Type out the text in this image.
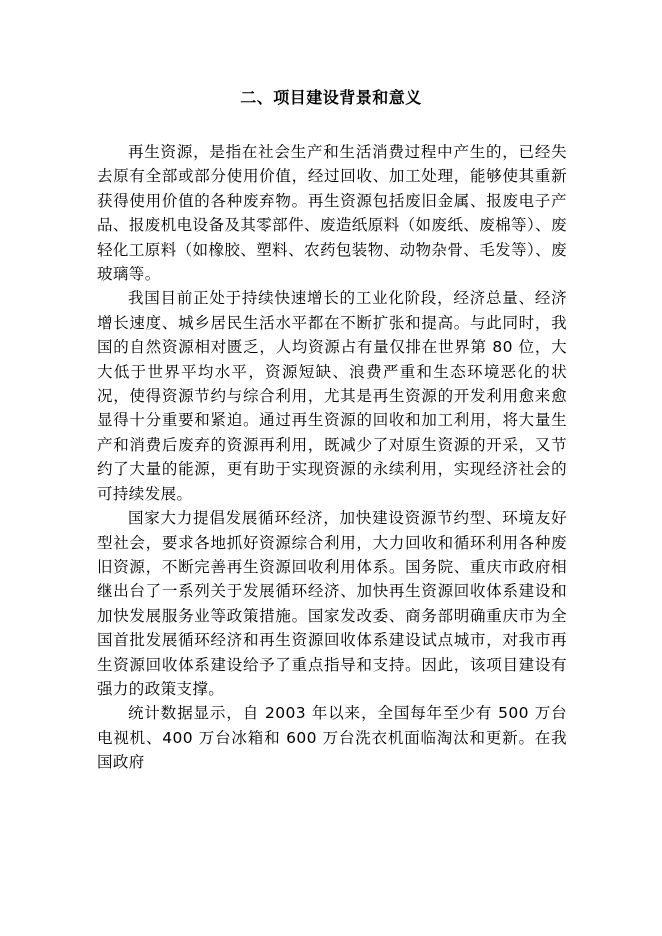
二、项目建设背景和意义

再生资源，是指在社会生产和生活消费过程中产生的，已经失去原有全部或部分使用价值，经过回收、加工处理，能够使其重新获得使用价值的各种废弃物。再生资源包括废旧金属、报废电子产品、报废机电设备及其零部件、废造纸原料（如废纸、废棉等）、废轻化工原料（如橡胶、塑料、农药包装物、动物杂骨、毛发等）、废玻璃等。

我国目前正处于持续快速增长的工业化阶段，经济总量、经济增长速度、城乡居民生活水平都在不断扩张和提高。与此同时，我国的自然资源相对匮乏，人均资源占有量仅排在世界第 80 位，大大低于世界平均水平，资源短缺、浪费严重和生态环境恶化的状况，使得资源节约与综合利用，尤其是再生资源的开发利用愈来愈显得十分重要和紧迫。通过再生资源的回收和加工利用，将大量生产和消费后废弃的资源再利用，既减少了对原生资源的开采，又节约了大量的能源，更有助于实现资源的永续利用，实现经济社会的可持续发展。

国家大力提倡发展循环经济，加快建设资源节约型、环境友好型社会，要求各地抓好资源综合利用，大力回收和循环利用各种废旧资源，不断完善再生资源回收利用体系。国务院、重庆市政府相继出台了一系列关于发展循环经济、加快再生资源回收体系建设和加快发展服务业等政策措施。国家发改委、商务部明确重庆市为全国首批发展循环经济和再生资源回收体系建设试点城市，对我市再生资源回收体系建设给予了重点指导和支持。因此，该项目建设有强力的政策支撑。

统计数据显示，自 2003 年以来，全国每年至少有 500 万台电视机、400 万台冰箱和 600 万台洗衣机面临淘汰和更新。在我国政府
